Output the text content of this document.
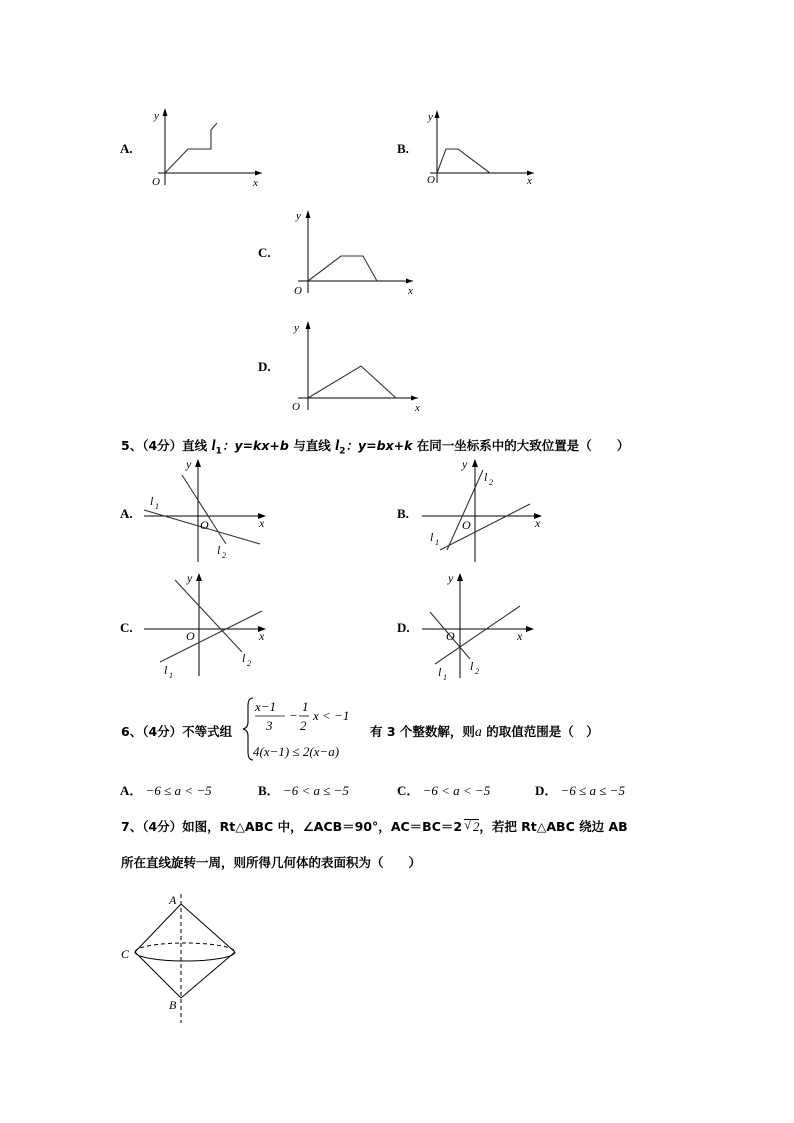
A.
O
y
x
B.
O
y
x
C.
O
y
x
D.
O
y
x
5、（4分）直线 $l_1$：y=kx+b 与直线 $l_2$：y=bx+k 在同一坐标系中的大致位置是（　　）
A.
l 1
l 2
O
y
x
B.
l 1
l 2
O
y
x
C.
l 1
l 2
O
y
x
D.
l 1
l 2
O
y
x
6、（4分）不等式组
x−1
3
−
1
2
x < −1
4(x−1) ≤ 2(x−a)
有 3 个整数解，则a 的取值范围是（　）
A． −6 ≤ a < −5	B． −6 < a ≤ −5	C． −6 < a < −5	D． −6 ≤ a ≤ −5
7、（4分）如图，Rt△ABC 中，∠ACB＝90°，AC＝BC＝2 √ 2，若把 Rt△ABC 绕边 AB
所在直线旋转一周，则所得几何体的表面积为（　　）
A
C
B
